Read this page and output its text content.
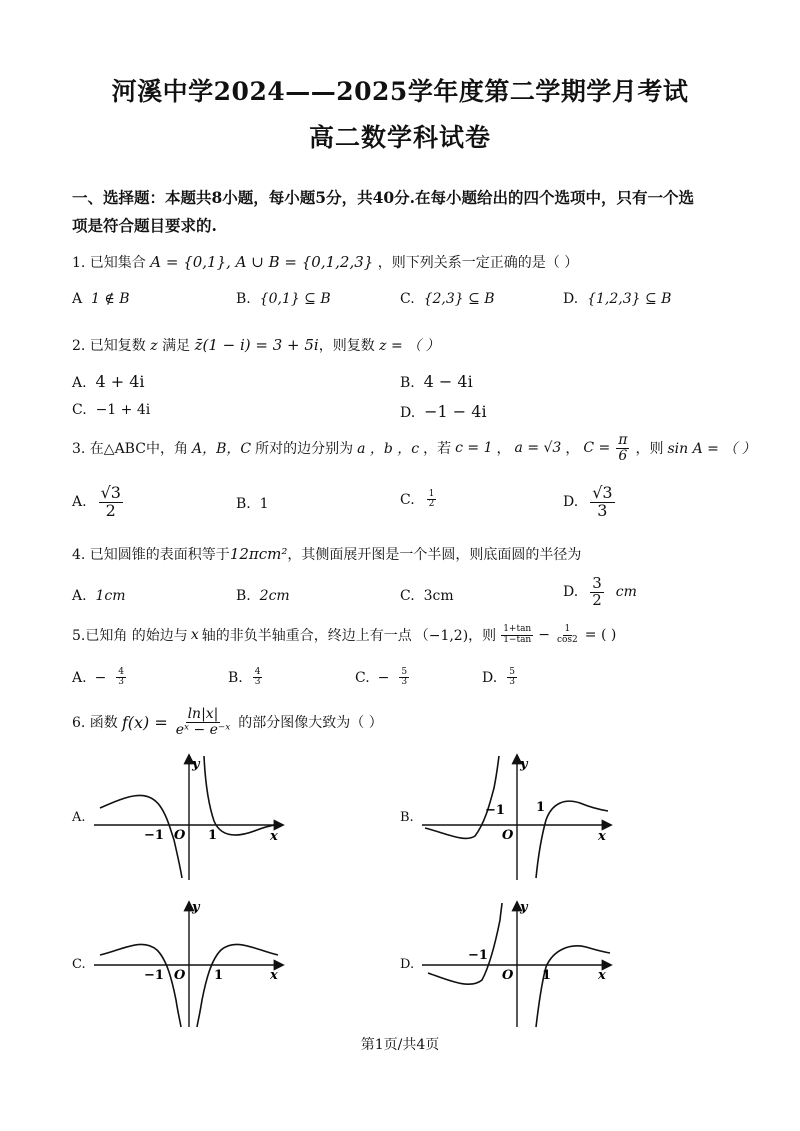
河溪中学2024——2025学年度第二学期学月考试
高二数学科试卷
一、选择题：本题共8小题，每小题5分，共40分.在每小题给出的四个选项中，只有一个选
项是符合题目要求的.
1. 已知集合 A = {0,1}, A ∪ B = {0,1,2,3} ，则下列关系一定正确的是（ ）
A 1 ∉ B	B. {0,1} ⊆ B	C. {2,3} ⊆ B	D. {1,2,3} ⊆ B
2. 已知复数 z 满足 z̄(1 − i) = 3 + 5i，则复数 z = （ ）
A. 4 + 4i	B. 4 − 4i
C. −1 + 4i	D. −1 − 4i
3. 在△ABC中，角 A，B，C 所对的边分别为 a ，b ，c ，若 c = 1 ， a = √3 ， $C = \frac{\pi}{6}$ ，则 sin A = （ ）
A. $\frac{√3}{2}$	B. 1	C. $\frac{1}{2}$	D. $\frac{√3}{3}$
4. 已知圆锥的表面积等于12πcm²，其侧面展开图是一个半圆，则底面圆的半径为
A. 1cm	B. 2cm	C. 3cm	D. $\frac{3}{2}$ cm
5.已知角 的始边与 x 轴的非负半轴重合，终边上有一点 （−1,2)，则 $\frac{1+\tan}{1-\tan} - \frac{1}{\cos 2}$ = ( )
A. − $\frac{4}{3}$	B. $\frac{4}{3}$	C. − $\frac{5}{3}$	D. $\frac{5}{3}$
6. 函数 $f(x) = \frac{\ln|x|}{\text{eˣ − e⁻ˣ}}$ 的部分图像大致为（ ）
A.	B.
C.	D.
y
x
O
−1	1
y
x
O
−1 1
y
x
O
−1	1
y
x
O
−1
1
第1页/共4页
